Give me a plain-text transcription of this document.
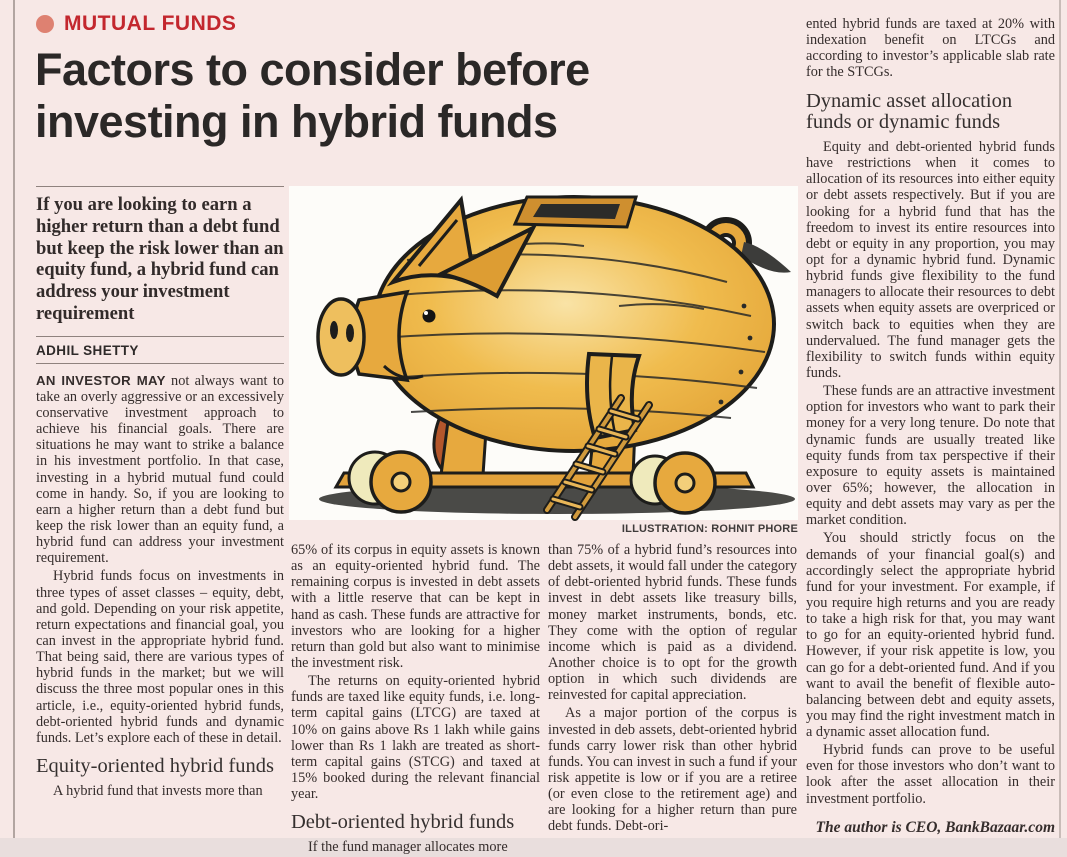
MUTUAL FUNDS
Factors to consider before investing in hybrid funds
If you are looking to earn a higher return than a debt fund but keep the risk lower than an equity fund, a hybrid fund can address your investment requirement
ADHIL SHETTY

AN INVESTOR MAY not always want to take an overly aggressive or an excessively conservative investment approach to achieve his financial goals. There are situations he may want to strike a balance in his investment portfolio. In that case, investing in a hybrid mutual fund could come in handy. So, if you are looking to earn a higher return than a debt fund but keep the risk lower than an equity fund, a hybrid fund can address your investment requirement.

Hybrid funds focus on investments in three types of asset classes – equity, debt, and gold. Depending on your risk appetite, return expectations and financial goal, you can invest in the appropriate hybrid fund. That being said, there are various types of hybrid funds in the market; but we will discuss the three most popular ones in this article, i.e., equity-oriented hybrid funds, debt-oriented hybrid funds and dynamic funds. Let’s explore each of these in detail.

Equity-oriented hybrid funds

A hybrid fund that invests more than

ILLUSTRATION: ROHNIT PHORE

65% of its corpus in equity assets is known as an equity-oriented hybrid fund. The remaining corpus is invested in debt assets with a little reserve that can be kept in hand as cash. These funds are attractive for investors who are looking for a higher return than gold but also want to minimise the investment risk.

The returns on equity-oriented hybrid funds are taxed like equity funds, i.e. long-term capital gains (LTCG) are taxed at 10% on gains above Rs 1 lakh while gains lower than Rs 1 lakh are treated as short-term capital gains (STCG) and taxed at 15% booked during the relevant financial year.

Debt-oriented hybrid funds

If the fund manager allocates more

than 75% of a hybrid fund’s resources into debt assets, it would fall under the category of debt-oriented hybrid funds. These funds invest in debt assets like treasury bills, money market instruments, bonds, etc. They come with the option of regular income which is paid as a dividend. Another choice is to opt for the growth option in which such dividends are reinvested for capital appreciation.

As a major portion of the corpus is invested in deb assets, debt-oriented hybrid funds carry lower risk than other hybrid funds. You can invest in such a fund if your risk appetite is low or if you are a retiree (or even close to the retirement age) and are looking for a higher return than pure debt funds. Debt-ori-

ented hybrid funds are taxed at 20% with indexation benefit on LTCGs and according to investor’s applicable slab rate for the STCGs.

Dynamic asset allocation funds or dynamic funds

Equity and debt-oriented hybrid funds have restrictions when it comes to allocation of its resources into either equity or debt assets respectively. But if you are looking for a hybrid fund that has the freedom to invest its entire resources into debt or equity in any proportion, you may opt for a dynamic hybrid fund. Dynamic hybrid funds give flexibility to the fund managers to allocate their resources to debt assets when equity assets are overpriced or switch back to equities when they are undervalued. The fund manager gets the flexibility to switch funds within equity funds.

These funds are an attractive investment option for investors who want to park their money for a very long tenure. Do note that dynamic funds are usually treated like equity funds from tax perspective if their exposure to equity assets is maintained over 65%; however, the allocation in equity and debt assets may vary as per the market condition.

You should strictly focus on the demands of your financial goal(s) and accordingly select the appropriate hybrid fund for your investment. For example, if you require high returns and you are ready to take a high risk for that, you may want to go for an equity-oriented hybrid fund. However, if your risk appetite is low, you can go for a debt-oriented fund. And if you want to avail the benefit of flexible auto-balancing between debt and equity assets, you may find the right investment match in a dynamic asset allocation fund.

Hybrid funds can prove to be useful even for those investors who don’t want to look after the asset allocation in their investment portfolio.

The author is CEO, BankBazaar.com
